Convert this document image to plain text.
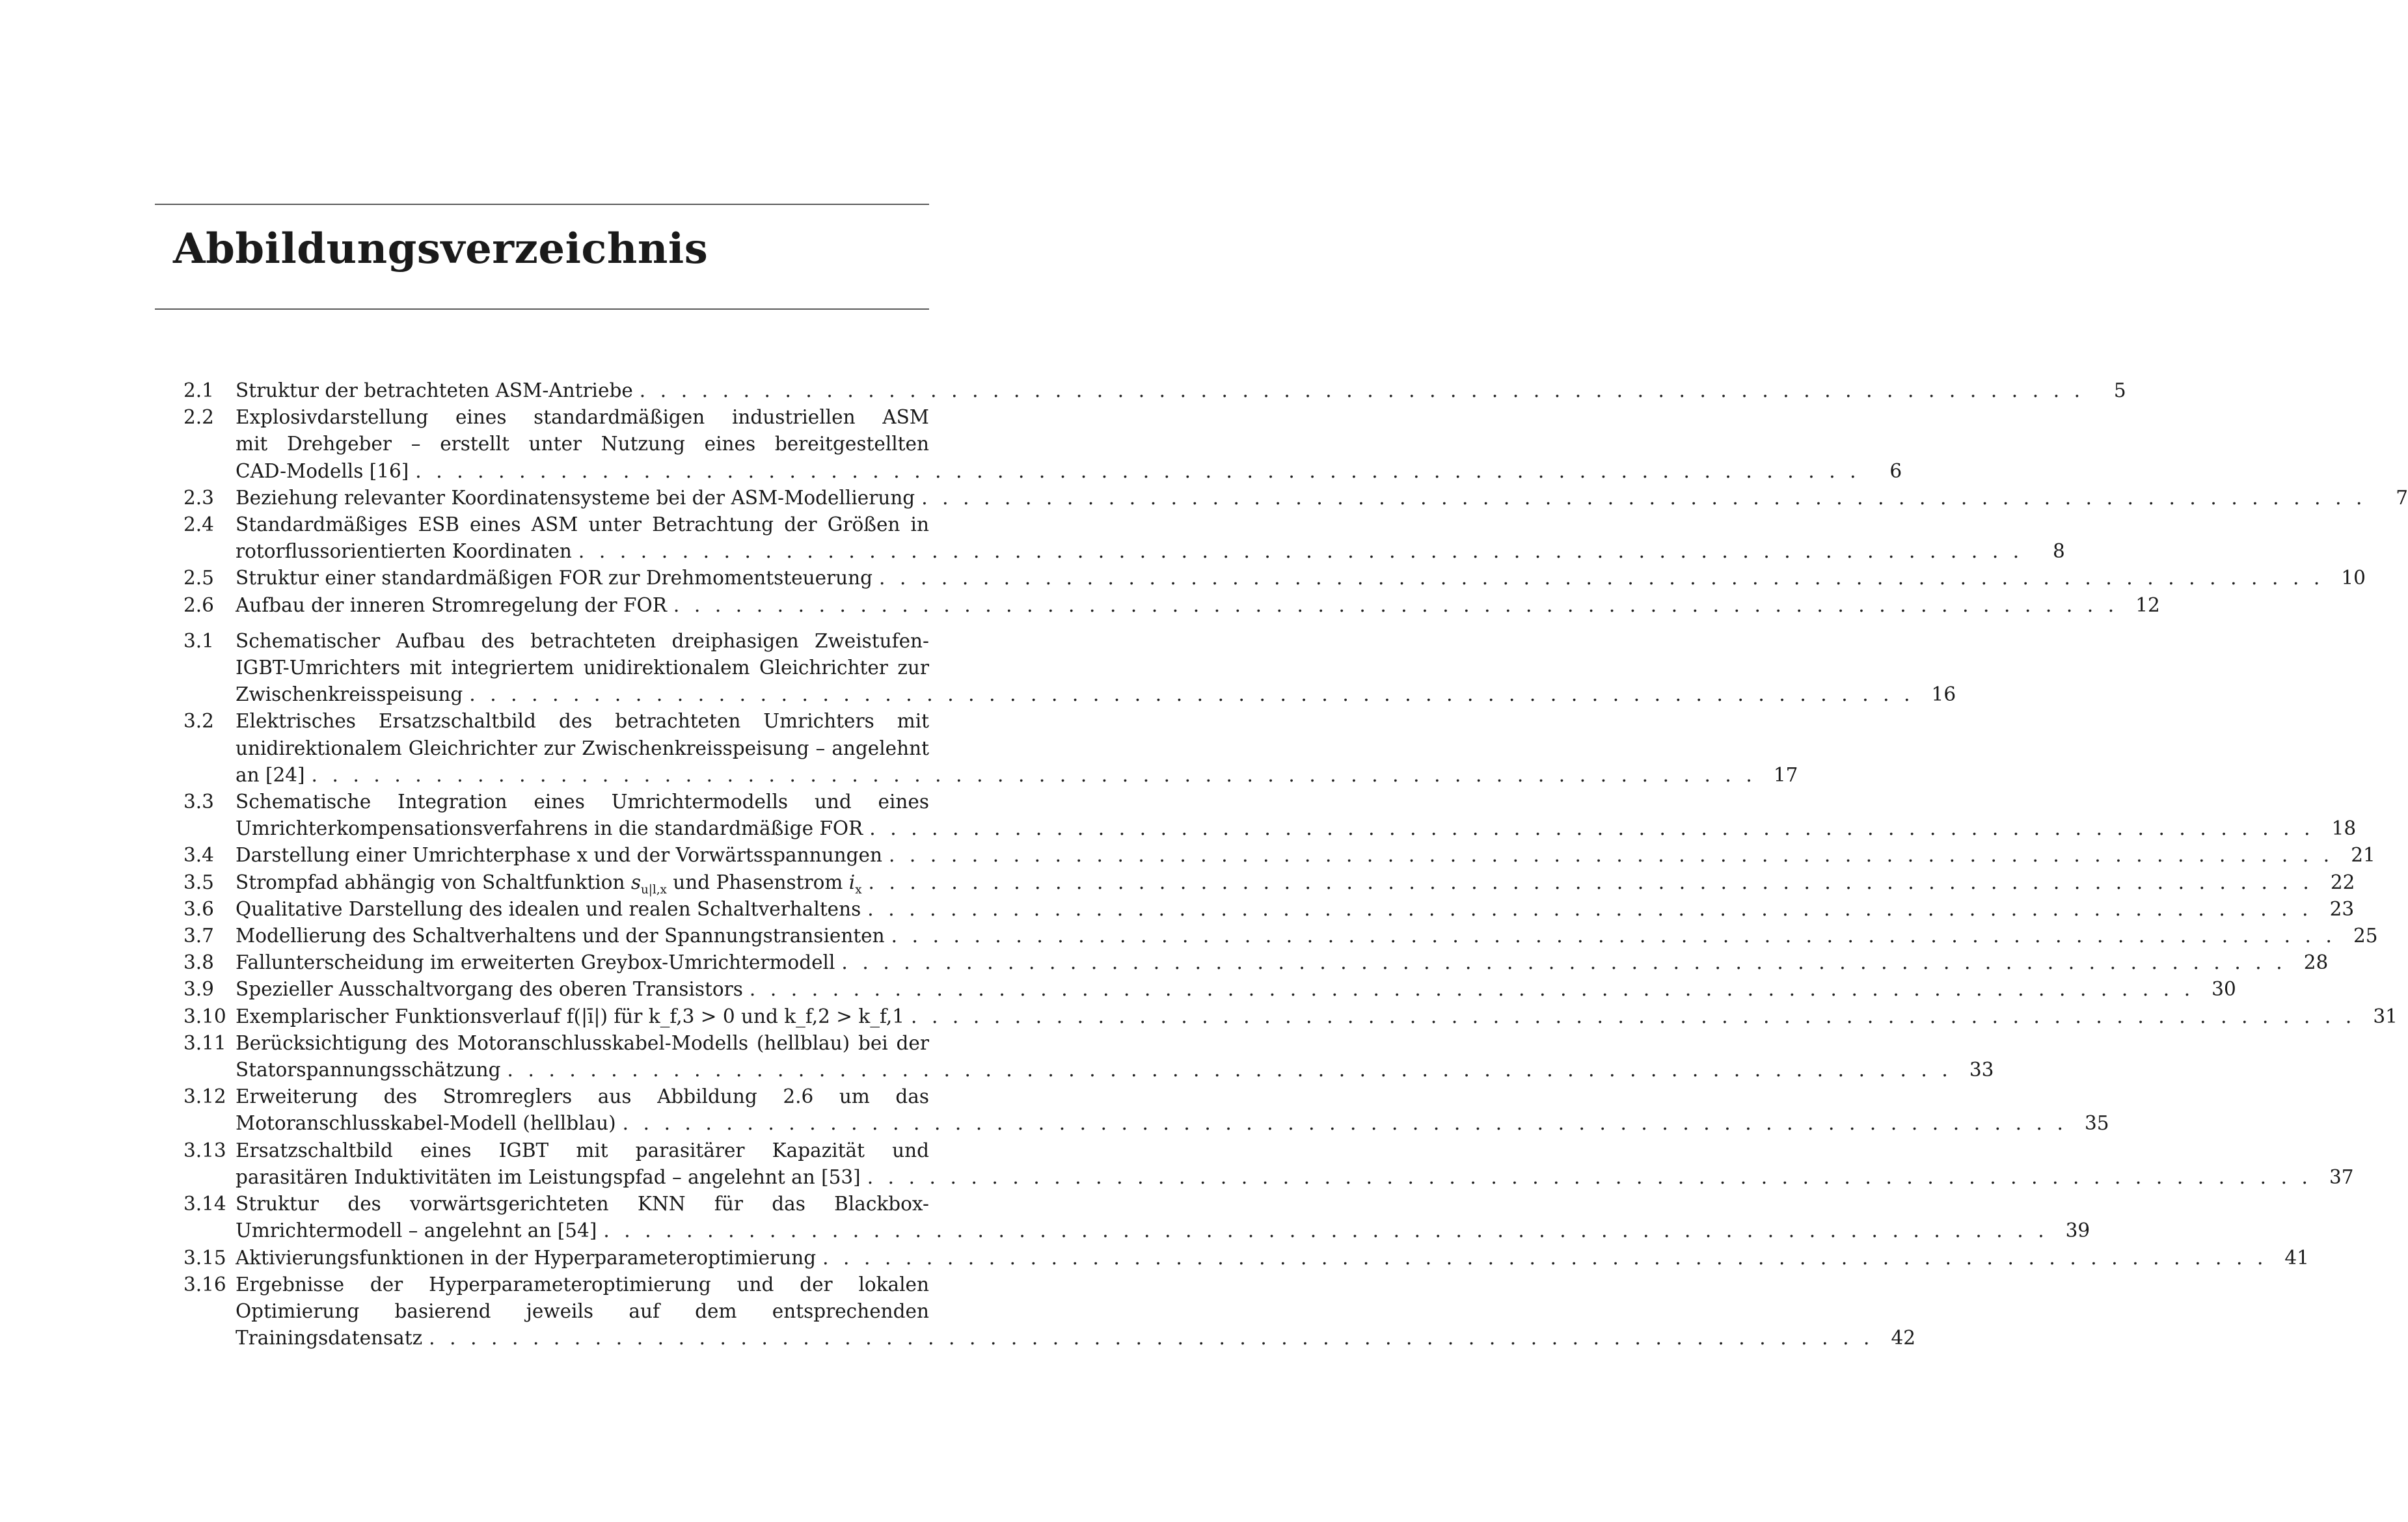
Abbildungsverzeichnis
2.1	Struktur der betrachteten ASM-Antriebe . . . . . . . . . . . . . . . . . . . . . . . . . . . . . . . . . . . . . . . . . . . . . . . . . . . . . . . . . . . . . . . . . . . . . .	5
2.2	Explosivdarstellung eines standardmäßigen industriellen ASM
mit Drehgeber – erstellt unter Nutzung eines bereitgestellten
CAD-Modells [16] . . . . . . . . . . . . . . . . . . . . . . . . . . . . . . . . . . . . . . . . . . . . . . . . . . . . . . . . . . . . . . . . . . . . . .	6
2.3	Beziehung relevanter Koordinatensysteme bei der ASM-Modellierung . . . . . . . . . . . . . . . . . . . . . . . . . . . . . . . . . . . . . . . . . . . . . . . . . . . . . . . . . . . . . . . . . . . . . .	7
2.4	Standardmäßiges ESB eines ASM unter Betrachtung der Größen in
rotorflussorientierten Koordinaten . . . . . . . . . . . . . . . . . . . . . . . . . . . . . . . . . . . . . . . . . . . . . . . . . . . . . . . . . . . . . . . . . . . . . .	8
2.5	Struktur einer standardmäßigen FOR zur Drehmomentsteuerung . . . . . . . . . . . . . . . . . . . . . . . . . . . . . . . . . . . . . . . . . . . . . . . . . . . . . . . . . . . . . . . . . . . . . . 10
2.6	Aufbau der inneren Stromregelung der FOR . . . . . . . . . . . . . . . . . . . . . . . . . . . . . . . . . . . . . . . . . . . . . . . . . . . . . . . . . . . . . . . . . . . . . . 12
3.1	Schematischer Aufbau des betrachteten dreiphasigen Zweistufen-
IGBT-Umrichters mit integriertem unidirektionalem Gleichrichter zur
Zwischenkreisspeisung . . . . . . . . . . . . . . . . . . . . . . . . . . . . . . . . . . . . . . . . . . . . . . . . . . . . . . . . . . . . . . . . . . . . . . 16
3.2	Elektrisches Ersatzschaltbild des betrachteten Umrichters mit
unidirektionalem Gleichrichter zur Zwischenkreisspeisung – angelehnt
an [24] . . . . . . . . . . . . . . . . . . . . . . . . . . . . . . . . . . . . . . . . . . . . . . . . . . . . . . . . . . . . . . . . . . . . . . 17
3.3	Schematische Integration eines Umrichtermodells und eines
Umrichterkompensationsverfahrens in die standardmäßige FOR . . . . . . . . . . . . . . . . . . . . . . . . . . . . . . . . . . . . . . . . . . . . . . . . . . . . . . . . . . . . . . . . . . . . . . 18
3.4	Darstellung einer Umrichterphase x und der Vorwärtsspannungen . . . . . . . . . . . . . . . . . . . . . . . . . . . . . . . . . . . . . . . . . . . . . . . . . . . . . . . . . . . . . . . . . . . . . . 21
3.5	Strompfad abhängig von Schaltfunktion $s_{u|l,x}$ und Phasenstrom $i_x$ . . . . . . . . . . . . . . . . . . . . . . . . . . . . . . . . . . . . . . . . . . . . . . . . . . . . . . . . . . . . . . . . . . . . . . 22
3.6	Qualitative Darstellung des idealen und realen Schaltverhaltens . . . . . . . . . . . . . . . . . . . . . . . . . . . . . . . . . . . . . . . . . . . . . . . . . . . . . . . . . . . . . . . . . . . . . . 23
3.7	Modellierung des Schaltverhaltens und der Spannungstransienten . . . . . . . . . . . . . . . . . . . . . . . . . . . . . . . . . . . . . . . . . . . . . . . . . . . . . . . . . . . . . . . . . . . . . . 25
3.8	Fallunterscheidung im erweiterten Greybox-Umrichtermodell . . . . . . . . . . . . . . . . . . . . . . . . . . . . . . . . . . . . . . . . . . . . . . . . . . . . . . . . . . . . . . . . . . . . . . 28
3.9	Spezieller Ausschaltvorgang des oberen Transistors . . . . . . . . . . . . . . . . . . . . . . . . . . . . . . . . . . . . . . . . . . . . . . . . . . . . . . . . . . . . . . . . . . . . . . 30
3.10 Exemplarischer Funktionsverlauf f(|ī|) für k_f,3 > 0 und k_f,2 > k_f,1 . . . . . . . . . . . . . . . . . . . . . . . . . . . . . . . . . . . . . . . . . . . . . . . . . . . . . . . . . . . . . . . . . . . . . . 31
3.11 Berücksichtigung des Motoranschlusskabel-Modells (hellblau) bei der
Statorspannungsschätzung . . . . . . . . . . . . . . . . . . . . . . . . . . . . . . . . . . . . . . . . . . . . . . . . . . . . . . . . . . . . . . . . . . . . . . 33
3.12 Erweiterung des Stromreglers aus Abbildung 2.6 um das
Motoranschlusskabel-Modell (hellblau) . . . . . . . . . . . . . . . . . . . . . . . . . . . . . . . . . . . . . . . . . . . . . . . . . . . . . . . . . . . . . . . . . . . . . . 35
3.13 Ersatzschaltbild eines IGBT mit parasitärer Kapazität und
parasitären Induktivitäten im Leistungspfad – angelehnt an [53] . . . . . . . . . . . . . . . . . . . . . . . . . . . . . . . . . . . . . . . . . . . . . . . . . . . . . . . . . . . . . . . . . . . . . . 37
3.14 Struktur des vorwärtsgerichteten KNN für das Blackbox-
Umrichtermodell – angelehnt an [54] . . . . . . . . . . . . . . . . . . . . . . . . . . . . . . . . . . . . . . . . . . . . . . . . . . . . . . . . . . . . . . . . . . . . . . 39
3.15 Aktivierungsfunktionen in der Hyperparameteroptimierung . . . . . . . . . . . . . . . . . . . . . . . . . . . . . . . . . . . . . . . . . . . . . . . . . . . . . . . . . . . . . . . . . . . . . . 41
3.16 Ergebnisse der Hyperparameteroptimierung und der lokalen
Optimierung basierend jeweils auf dem entsprechenden
Trainingsdatensatz . . . . . . . . . . . . . . . . . . . . . . . . . . . . . . . . . . . . . . . . . . . . . . . . . . . . . . . . . . . . . . . . . . . . . . 42
